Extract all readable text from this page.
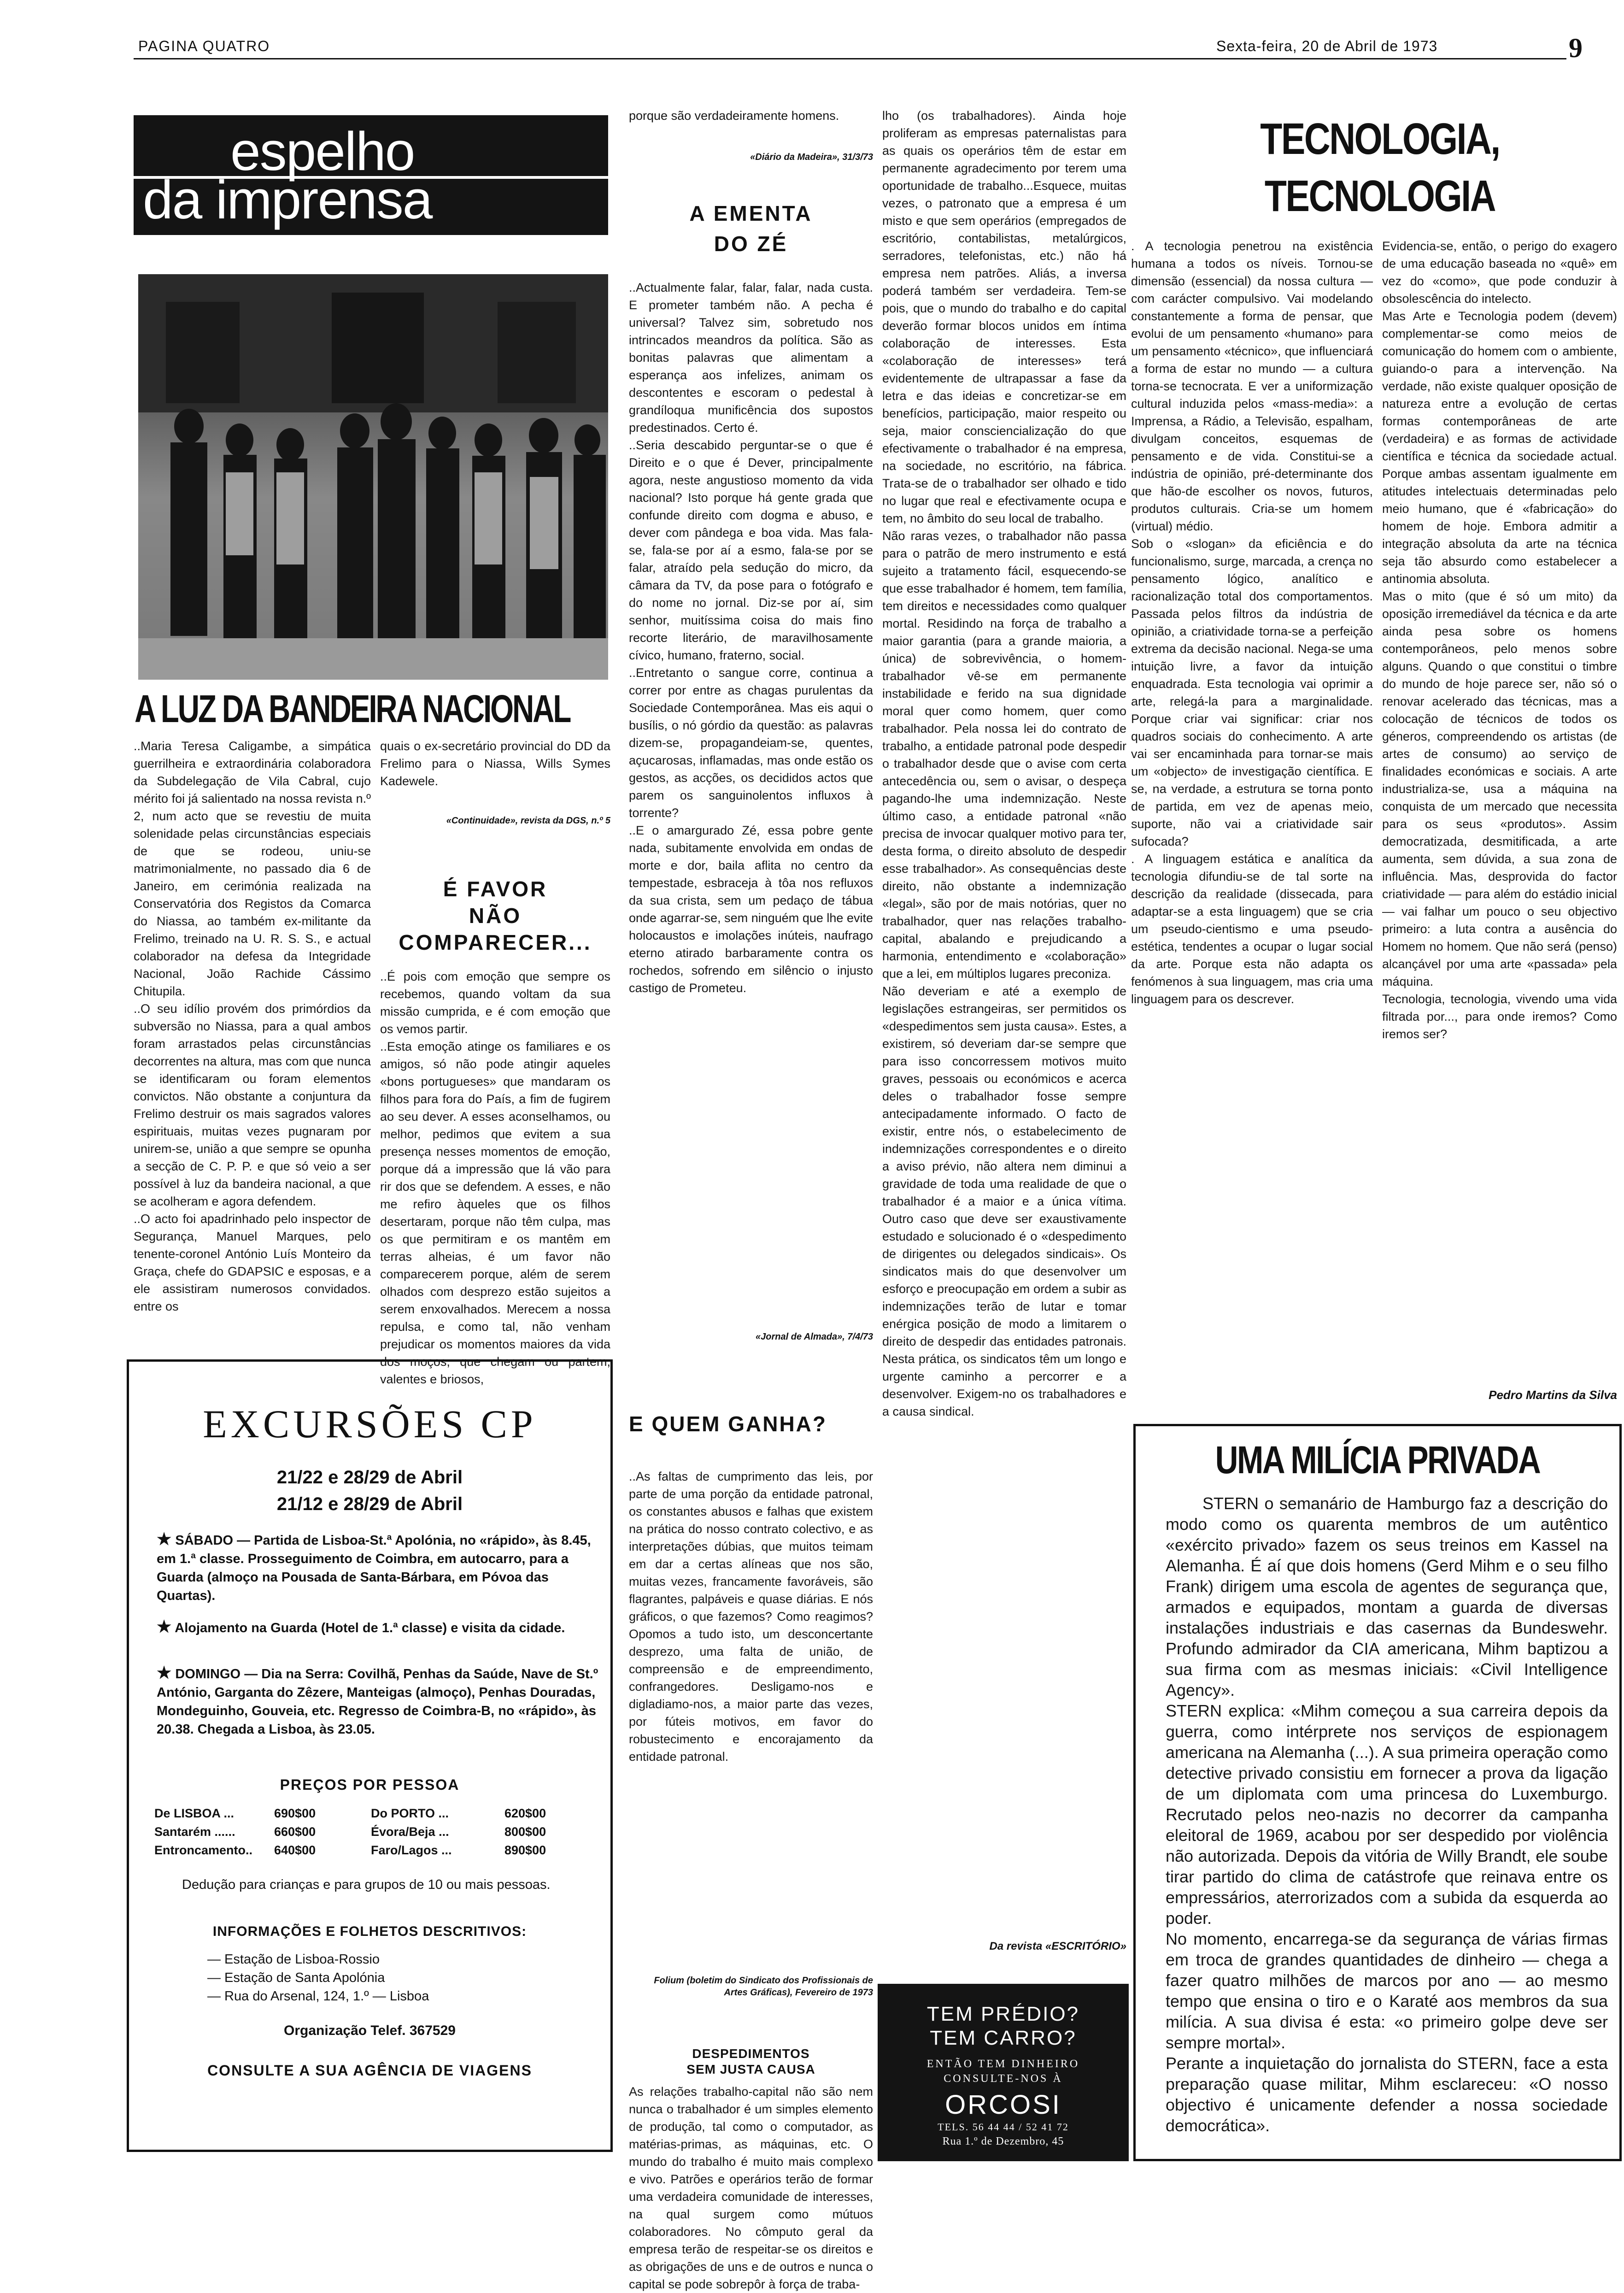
PAGINA QUATRO	Sexta-feira, 20 de Abril de 1973	9
espelho
da imprensa
A LUZ DA BANDEIRA NACIONAL
..Maria Teresa Caligambe, a simpática guerrilheira e extraordinária colaboradora da Subdelegação de Vila Cabral, cujo mérito foi já salientado na nossa revista n.º 2, num acto que se revestiu de muita solenidade pelas circunstâncias especiais de que se rodeou, uniu-se matrimonialmente, no passado dia 6 de Janeiro, em cerimónia realizada na Conservatória dos Registos da Comarca do Niassa, ao também ex-militante da Frelimo, treinado na U. R. S. S., e actual colaborador na defesa da Integridade Nacional, João Rachide Cássimo Chitupila.
..O seu idílio provém dos primórdios da subversão no Niassa, para a qual ambos foram arrastados pelas circunstâncias decorrentes na altura, mas com que nunca se identificaram ou foram elementos convictos. Não obstante a conjuntura da Frelimo destruir os mais sagrados valores espirituais, muitas vezes pugnaram por unirem-se, união a que sempre se opunha a secção de C. P. P. e que só veio a ser possível à luz da bandeira nacional, a que se acolheram e agora defendem.
..O acto foi apadrinhado pelo inspector de Segurança, Manuel Marques, pelo tenente-coronel António Luís Monteiro da Graça, chefe do GDAPSIC e esposas, e a ele assistiram numerosos convidados. entre os
quais o ex-secretário provincial do DD da Frelimo para o Niassa, Wills Symes Kadewele.
«Continuidade», revista da DGS, n.º 5
É FAVOR
NÃO
COMPARECER...
..É pois com emoção que sempre os recebemos, quando voltam da sua missão cumprida, e é com emoção que os vemos partir.
..Esta emoção atinge os familiares e os amigos, só não pode atingir aqueles «bons portugueses» que mandaram os filhos para fora do País, a fim de fugirem ao seu dever. A esses aconselhamos, ou melhor, pedimos que evitem a sua presença nesses momentos de emoção, porque dá a impressão que lá vão para rir dos que se defendem. A esses, e não me refiro àqueles que os filhos desertaram, porque não têm culpa, mas os que permitiram e os mantêm em terras alheias, é um favor não comparecerem porque, além de serem olhados com desprezo estão sujeitos a serem enxovalhados. Merecem a nossa repulsa, e como tal, não venham prejudicar os momentos maiores da vida dos moços, que chegam ou partem, valentes e briosos,
porque são verdadeiramente homens.
«Diário da Madeira», 31/3/73
A EMENTA
DO ZÉ
..Actualmente falar, falar, falar, nada custa. E prometer também não. A pecha é universal? Talvez sim, sobretudo nos intrincados meandros da política. São as bonitas palavras que alimentam a esperança aos infelizes, animam os descontentes e escoram o pedestal à grandíloqua munificência dos supostos predestinados. Certo é.
..Seria descabido perguntar-se o que é Direito e o que é Dever, principalmente agora, neste angustioso momento da vida nacional? Isto porque há gente grada que confunde direito com dogma e abuso, e dever com pândega e boa vida. Mas fala-se, fala-se por aí a esmo, fala-se por se falar, atraído pela sedução do micro, da câmara da TV, da pose para o fotógrafo e do nome no jornal. Diz-se por aí, sim senhor, muitíssima coisa do mais fino recorte literário, de maravilhosamente cívico, humano, fraterno, social.
..Entretanto o sangue corre, continua a correr por entre as chagas purulentas da Sociedade Contemporânea. Mas eis aqui o busílis, o nó górdio da questão: as palavras dizem-se, propagandeiam-se, quentes, açucarosas, inflamadas, mas onde estão os gestos, as acções, os decididos actos que parem os sanguinolentos influxos à torrente?
..E o amargurado Zé, essa pobre gente nada, subitamente envolvida em ondas de morte e dor, baila aflita no centro da tempestade, esbraceja à tôa nos refluxos da sua crista, sem um pedaço de tábua onde agarrar-se, sem ninguém que lhe evite holocaustos e imolações inúteis, naufrago eterno atirado barbaramente contra os rochedos, sofrendo em silêncio o injusto castigo de Prometeu.
«Jornal de Almada», 7/4/73
E QUEM GANHA?
..As faltas de cumprimento das leis, por parte de uma porção da entidade patronal, os constantes abusos e falhas que existem na prática do nosso contrato colectivo, e as interpretações dúbias, que muitos teimam em dar a certas alíneas que nos são, muitas vezes, francamente favoráveis, são flagrantes, palpáveis e quase diárias. E nós gráficos, o que fazemos? Como reagimos? Opomos a tudo isto, um desconcertante desprezo, uma falta de união, de compreensão e de empreendimento, confrangedores. Desligamo-nos e digladiamo-nos, a maior parte das vezes, por fúteis motivos, em favor do robustecimento e encorajamento da entidade patronal.
Folium (boletim do Sindicato dos Profissionais de Artes Gráficas), Fevereiro de 1973
DESPEDIMENTOS
SEM JUSTA CAUSA
As relações trabalho-capital não são nem nunca o trabalhador é um simples elemento de produção, tal como o computador, as matérias-primas, as máquinas, etc. O mundo do trabalho é muito mais complexo e vivo. Patrões e operários terão de formar uma verdadeira comunidade de interesses, na qual surgem como mútuos colaboradores. No cômputo geral da empresa terão de respeitar-se os direitos e as obrigações de uns e de outros e nunca o capital se pode sobrepôr à força de traba-
lho (os trabalhadores). Ainda hoje proliferam as empresas paternalistas para as quais os operários têm de estar em permanente agradecimento por terem uma oportunidade de trabalho...Esquece, muitas vezes, o patronato que a empresa é um misto e que sem operários (empregados de escritório, contabilistas, metalúrgicos, serradores, telefonistas, etc.) não há empresa nem patrões. Aliás, a inversa poderá também ser verdadeira. Tem-se pois, que o mundo do trabalho e do capital deverão formar blocos unidos em íntima colaboração de interesses. Esta «colaboração de interesses» terá evidentemente de ultrapassar a fase da letra e das ideias e concretizar-se em benefícios, participação, maior respeito ou seja, maior consciencialização do que efectivamente o trabalhador é na empresa, na sociedade, no escritório, na fábrica. Trata-se de o trabalhador ser olhado e tido no lugar que real e efectivamente ocupa e tem, no âmbito do seu local de trabalho.
Não raras vezes, o trabalhador não passa para o patrão de mero instrumento e está sujeito a tratamento fácil, esquecendo-se que esse trabalhador é homem, tem família, tem direitos e necessidades como qualquer mortal. Residindo na força de trabalho a maior garantia (para a grande maioria, a única) de sobrevivência, o homem-trabalhador vê-se em permanente instabilidade e ferido na sua dignidade moral quer como homem, quer como trabalhador. Pela nossa lei do contrato de trabalho, a entidade patronal pode despedir o trabalhador desde que o avise com certa antecedência ou, sem o avisar, o despeça pagando-lhe uma indemnização. Neste último caso, a entidade patronal «não precisa de invocar qualquer motivo para ter, desta forma, o direito absoluto de despedir esse trabalhador». As consequências deste direito, não obstante a indemnização «legal», são por de mais notórias, quer no trabalhador, quer nas relações trabalho-capital, abalando e prejudicando a harmonia, entendimento e «colaboração» que a lei, em múltiplos lugares preconiza.
Não deveriam e até a exemplo de legislações estrangeiras, ser permitidos os «despedimentos sem justa causa». Estes, a existirem, só deveriam dar-se sempre que para isso concorressem motivos muito graves, pessoais ou económicos e acerca deles o trabalhador fosse sempre antecipadamente informado. O facto de existir, entre nós, o estabelecimento de indemnizações correspondentes e o direito a aviso prévio, não altera nem diminui a gravidade de toda uma realidade de que o trabalhador é a maior e a única vítima. Outro caso que deve ser exaustivamente estudado e solucionado é o «despedimento de dirigentes ou delegados sindicais». Os sindicatos mais do que desenvolver um esforço e preocupação em ordem a subir as indemnizações terão de lutar e tomar enérgica posição de modo a limitarem o direito de despedir das entidades patronais. Nesta prática, os sindicatos têm um longo e urgente caminho a percorrer e a desenvolver. Exigem-no os trabalhadores e a causa sindical.
Da revista «ESCRITÓRIO»
TEM PRÉDIO?
TEM CARRO?
ENTÃO TEM DINHEIRO
CONSULTE-NOS À
ORCOSI
TELS. 56 44 44 / 52 41 72
Rua 1.º de Dezembro, 45
TECNOLOGIA,
TECNOLOGIA
. A tecnologia penetrou na existência humana a todos os níveis. Tornou-se dimensão (essencial) da nossa cultura — com carácter compulsivo. Vai modelando constantemente a forma de pensar, que evolui de um pensamento «humano» para um pensamento «técnico», que influenciará a forma de estar no mundo — a cultura torna-se tecnocrata. E ver a uniformização cultural induzida pelos «mass-media»: a Imprensa, a Rádio, a Televisão, espalham, divulgam conceitos, esquemas de pensamento e de vida. Constitui-se a indústria de opinião, pré-determinante dos que hão-de escolher os novos, futuros, produtos culturais. Cria-se um homem (virtual) médio.
Sob o «slogan» da eficiência e do funcionalismo, surge, marcada, a crença no pensamento lógico, analítico e racionalização total dos comportamentos. Passada pelos filtros da indústria de opinião, a criatividade torna-se a perfeição extrema da decisão nacional. Nega-se uma intuição livre, a favor da intuição enquadrada. Esta tecnologia vai oprimir a arte, relegá-la para a marginalidade. Porque criar vai significar: criar nos quadros sociais do conhecimento. A arte vai ser encaminhada para tornar-se mais um «objecto» de investigação científica. E se, na verdade, a estrutura se torna ponto de partida, em vez de apenas meio, suporte, não vai a criatividade sair sufocada?
. A linguagem estática e analítica da tecnologia difundiu-se de tal sorte na descrição da realidade (dissecada, para adaptar-se a esta linguagem) que se cria um pseudo-cientismo e uma pseudo-estética, tendentes a ocupar o lugar social da arte. Porque esta não adapta os fenómenos à sua linguagem, mas cria uma linguagem para os descrever.
Evidencia-se, então, o perigo do exagero de uma educação baseada no «quê» em vez do «como», que pode conduzir à obsolescência do intelecto.
Mas Arte e Tecnologia podem (devem) complementar-se como meios de comunicação do homem com o ambiente, guiando-o para a intervenção. Na verdade, não existe qualquer oposição de natureza entre a evolução de certas formas contemporâneas de arte (verdadeira) e as formas de actividade científica e técnica da sociedade actual. Porque ambas assentam igualmente em atitudes intelectuais determinadas pelo meio humano, que é «fabricação» do homem de hoje. Embora admitir a integração absoluta da arte na técnica seja tão absurdo como estabelecer a antinomia absoluta.
Mas o mito (que é só um mito) da oposição irremediável da técnica e da arte ainda pesa sobre os homens contemporâneos, pelo menos sobre alguns. Quando o que constitui o timbre do mundo de hoje parece ser, não só o renovar acelerado das técnicas, mas a colocação de técnicos de todos os géneros, compreendendo os artistas (de artes de consumo) ao serviço de finalidades económicas e sociais. A arte industrializa-se, usa a máquina na conquista de um mercado que necessita para os seus «produtos». Assim democratizada, desmitificada, a arte aumenta, sem dúvida, a sua zona de influência. Mas, desprovida do factor criatividade — para além do estádio inicial — vai falhar um pouco o seu objectivo primeiro: a luta contra a ausência do Homem no homem. Que não será (penso) alcançável por uma arte «passada» pela máquina.
Tecnologia, tecnologia, vivendo uma vida filtrada por..., para onde iremos? Como iremos ser?
Pedro Martins da Silva
UMA MILÍCIA PRIVADA
STERN o semanário de Hamburgo faz a descrição do modo como os quarenta membros de um autêntico «exército privado» fazem os seus treinos em Kassel na Alemanha. É aí que dois homens (Gerd Mihm e o seu filho Frank) dirigem uma escola de agentes de segurança que, armados e equipados, montam a guarda de diversas instalações industriais e das casernas da Bundeswehr. Profundo admirador da CIA americana, Mihm baptizou a sua firma com as mesmas iniciais: «Civil Intelligence Agency».
STERN explica: «Mihm começou a sua carreira depois da guerra, como intérprete nos serviços de espionagem americana na Alemanha (...). A sua primeira operação como detective privado consistiu em fornecer a prova da ligação de um diplomata com uma princesa do Luxemburgo. Recrutado pelos neo-nazis no decorrer da campanha eleitoral de 1969, acabou por ser despedido por violência não autorizada. Depois da vitória de Willy Brandt, ele soube tirar partido do clima de catástrofe que reinava entre os empressários, aterrorizados com a subida da esquerda ao poder.
No momento, encarrega-se da segurança de várias firmas em troca de grandes quantidades de dinheiro — chega a fazer quatro milhões de marcos por ano — ao mesmo tempo que ensina o tiro e o Karaté aos membros da sua milícia. A sua divisa é esta: «o primeiro golpe deve ser sempre mortal».
Perante a inquietação do jornalista do STERN, face a esta preparação quase militar, Mihm esclareceu: «O nosso objectivo é unicamente defender a nossa sociedade democrática».
EXCURSÕES CP
21/22 e 28/29 de Abril
21/12 e 28/29 de Abril
★ SÁBADO — Partida de Lisboa-St.ª Apolónia, no «rápido», às 8.45, em 1.ª classe. Prosseguimento de Coimbra, em autocarro, para a Guarda (almoço na Pousada de Santa-Bárbara, em Póvoa das Quartas).
★ Alojamento na Guarda (Hotel de 1.ª classe) e visita da cidade.
★ DOMINGO — Dia na Serra: Covilhã, Penhas da Saúde, Nave de St.º António, Garganta do Zêzere, Manteigas (almoço), Penhas Douradas, Mondeguinho, Gouveia, etc. Regresso de Coimbra-B, no «rápido», às 20.38. Chegada a Lisboa, às 23.05.
PREÇOS POR PESSOA
De LISBOA ...	690$00	Do PORTO ...	620$00
Santarém ......	660$00	Évora/Beja ...	800$00
Entroncamento..	640$00	Faro/Lagos ...	890$00
Dedução para crianças e para grupos de 10 ou mais pessoas.
INFORMAÇÕES E FOLHETOS DESCRITIVOS:
— Estação de Lisboa-Rossio
— Estação de Santa Apolónia
— Rua do Arsenal, 124, 1.º — Lisboa
Organização Telef. 367529
CONSULTE A SUA AGÊNCIA DE VIAGENS
